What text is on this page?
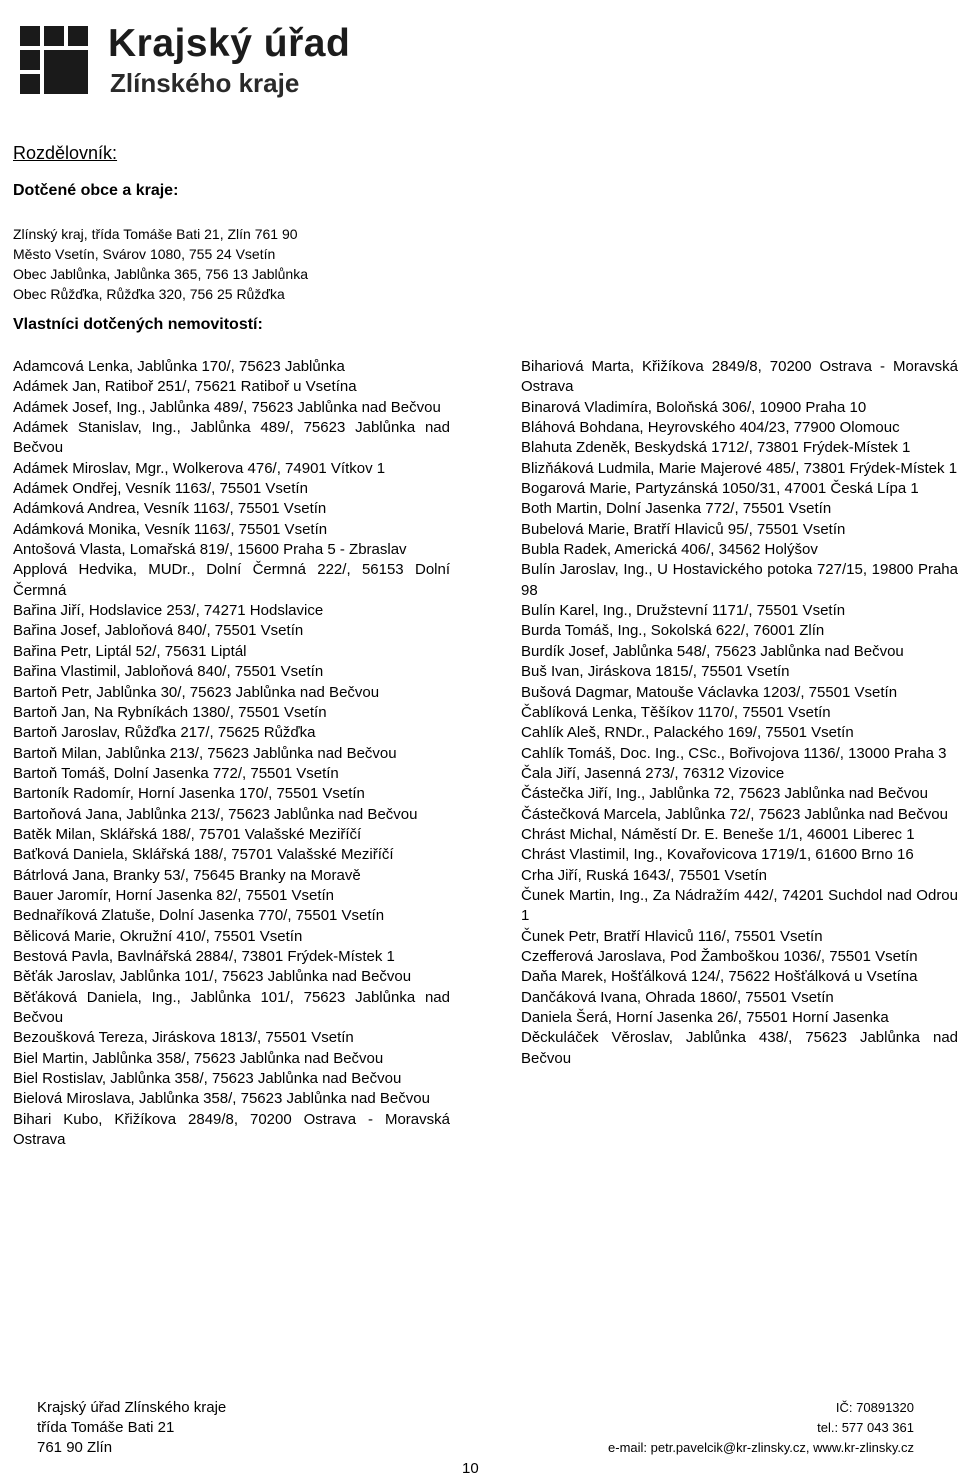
Krajský úřad
Zlínského kraje
Rozdělovník:
Dotčené obce a kraje:
Zlínský kraj, třída Tomáše Bati 21, Zlín 761 90
Město Vsetín, Svárov 1080, 755 24 Vsetín
Obec Jablůnka, Jablůnka 365, 756 13 Jablůnka
Obec Růžďka, Růžďka 320, 756 25 Růžďka
Vlastníci dotčených nemovitostí:
Adamcová Lenka, Jablůnka 170/, 75623 Jablůnka
Adámek Jan, Ratiboř 251/, 75621 Ratiboř u Vsetína
Adámek Josef, Ing., Jablůnka 489/, 75623 Jablůnka nad Bečvou
Adámek Stanislav, Ing., Jablůnka 489/, 75623 Jablůnka nad Bečvou
Adámek Miroslav, Mgr., Wolkerova 476/, 74901 Vítkov 1
Adámek Ondřej, Vesník 1163/, 75501 Vsetín
Adámková Andrea, Vesník 1163/, 75501 Vsetín
Adámková Monika, Vesník 1163/, 75501 Vsetín
Antošová Vlasta, Lomařská 819/, 15600 Praha 5 - Zbraslav
Applová Hedvika, MUDr., Dolní Čermná 222/, 56153 Dolní Čermná
Bařina Jiří, Hodslavice 253/, 74271 Hodslavice
Bařina Josef, Jabloňová 840/, 75501 Vsetín
Bařina Petr, Liptál 52/, 75631 Liptál
Bařina Vlastimil, Jabloňová 840/, 75501 Vsetín
Bartoň Petr, Jablůnka 30/, 75623 Jablůnka nad Bečvou
Bartoň Jan, Na Rybníkách 1380/, 75501 Vsetín
Bartoň Jaroslav, Růžďka 217/, 75625 Růžďka
Bartoň Milan, Jablůnka 213/, 75623 Jablůnka nad Bečvou
Bartoň Tomáš, Dolní Jasenka 772/, 75501 Vsetín
Bartoník Radomír, Horní Jasenka 170/, 75501 Vsetín
Bartoňová Jana, Jablůnka 213/, 75623 Jablůnka nad Bečvou
Batěk Milan, Sklářská 188/, 75701 Valašské Meziříčí
Baťková Daniela, Sklářská 188/, 75701 Valašské Meziříčí
Bátrlová Jana, Branky 53/, 75645 Branky na Moravě
Bauer Jaromír, Horní Jasenka 82/, 75501 Vsetín
Bednaříková Zlatuše, Dolní Jasenka 770/, 75501 Vsetín
Bělicová Marie, Okružní 410/, 75501 Vsetín
Bestová Pavla, Bavlnářská 2884/, 73801 Frýdek-Místek 1
Běťák Jaroslav, Jablůnka 101/, 75623 Jablůnka nad Bečvou
Běťáková Daniela, Ing., Jablůnka 101/, 75623 Jablůnka nad Bečvou
Bezoušková Tereza, Jiráskova 1813/, 75501 Vsetín
Biel Martin, Jablůnka 358/, 75623 Jablůnka nad Bečvou
Biel Rostislav, Jablůnka 358/, 75623 Jablůnka nad Bečvou
Bielová Miroslava, Jablůnka 358/, 75623 Jablůnka nad Bečvou
Bihari Kubo, Křižíkova 2849/8, 70200 Ostrava - Moravská Ostrava
Bihariová Marta, Křižíkova 2849/8, 70200 Ostrava - Moravská Ostrava
Binarová Vladimíra, Boloňská 306/, 10900 Praha 10
Bláhová Bohdana, Heyrovského 404/23, 77900 Olomouc
Blahuta Zdeněk, Beskydská 1712/, 73801 Frýdek-Místek 1
Blizňáková Ludmila, Marie Majerové 485/, 73801 Frýdek-Místek 1
Bogarová Marie, Partyzánská 1050/31, 47001 Česká Lípa 1
Both Martin, Dolní Jasenka 772/, 75501 Vsetín
Bubelová Marie, Bratří Hlaviců 95/, 75501 Vsetín
Bubla Radek, Americká 406/, 34562 Holýšov
Bulín Jaroslav, Ing., U Hostavického potoka 727/15, 19800 Praha 98
Bulín Karel, Ing., Družstevní 1171/, 75501 Vsetín
Burda Tomáš, Ing., Sokolská 622/, 76001 Zlín
Burdík Josef, Jablůnka 548/, 75623 Jablůnka nad Bečvou
Buš Ivan, Jiráskova 1815/, 75501 Vsetín
Bušová Dagmar, Matouše Václavka 1203/, 75501 Vsetín
Čablíková Lenka, Těšíkov 1170/, 75501 Vsetín
Cahlík Aleš, RNDr., Palackého 169/, 75501 Vsetín
Cahlík Tomáš, Doc. Ing., CSc., Bořivojova 1136/, 13000 Praha 3
Čala Jiří, Jasenná 273/, 76312 Vizovice
Částečka Jiří, Ing., Jablůnka 72, 75623 Jablůnka nad Bečvou
Částečková Marcela, Jablůnka 72/, 75623 Jablůnka nad Bečvou
Chrást Michal, Náměstí Dr. E. Beneše 1/1, 46001 Liberec 1
Chrást Vlastimil, Ing., Kovařovicova 1719/1, 61600 Brno 16
Crha Jiří, Ruská 1643/, 75501 Vsetín
Čunek Martin, Ing., Za Nádražím 442/, 74201 Suchdol nad Odrou 1
Čunek Petr, Bratří Hlaviců 116/, 75501 Vsetín
Czefferová Jaroslava, Pod Žamboškou 1036/, 75501 Vsetín
Daňa Marek, Hošťálková 124/, 75622 Hošťálková u Vsetína
Dančáková Ivana, Ohrada 1860/, 75501 Vsetín
Daniela Šerá, Horní Jasenka 26/, 75501 Horní Jasenka
Děckuláček Věroslav, Jablůnka 438/, 75623 Jablůnka nad Bečvou
Krajský úřad Zlínského kraje
třída Tomáše Bati 21
761 90 Zlín
IČ: 70891320
tel.: 577 043 361
e-mail: petr.pavelcik@kr-zlinsky.cz, www.kr-zlinsky.cz
10
